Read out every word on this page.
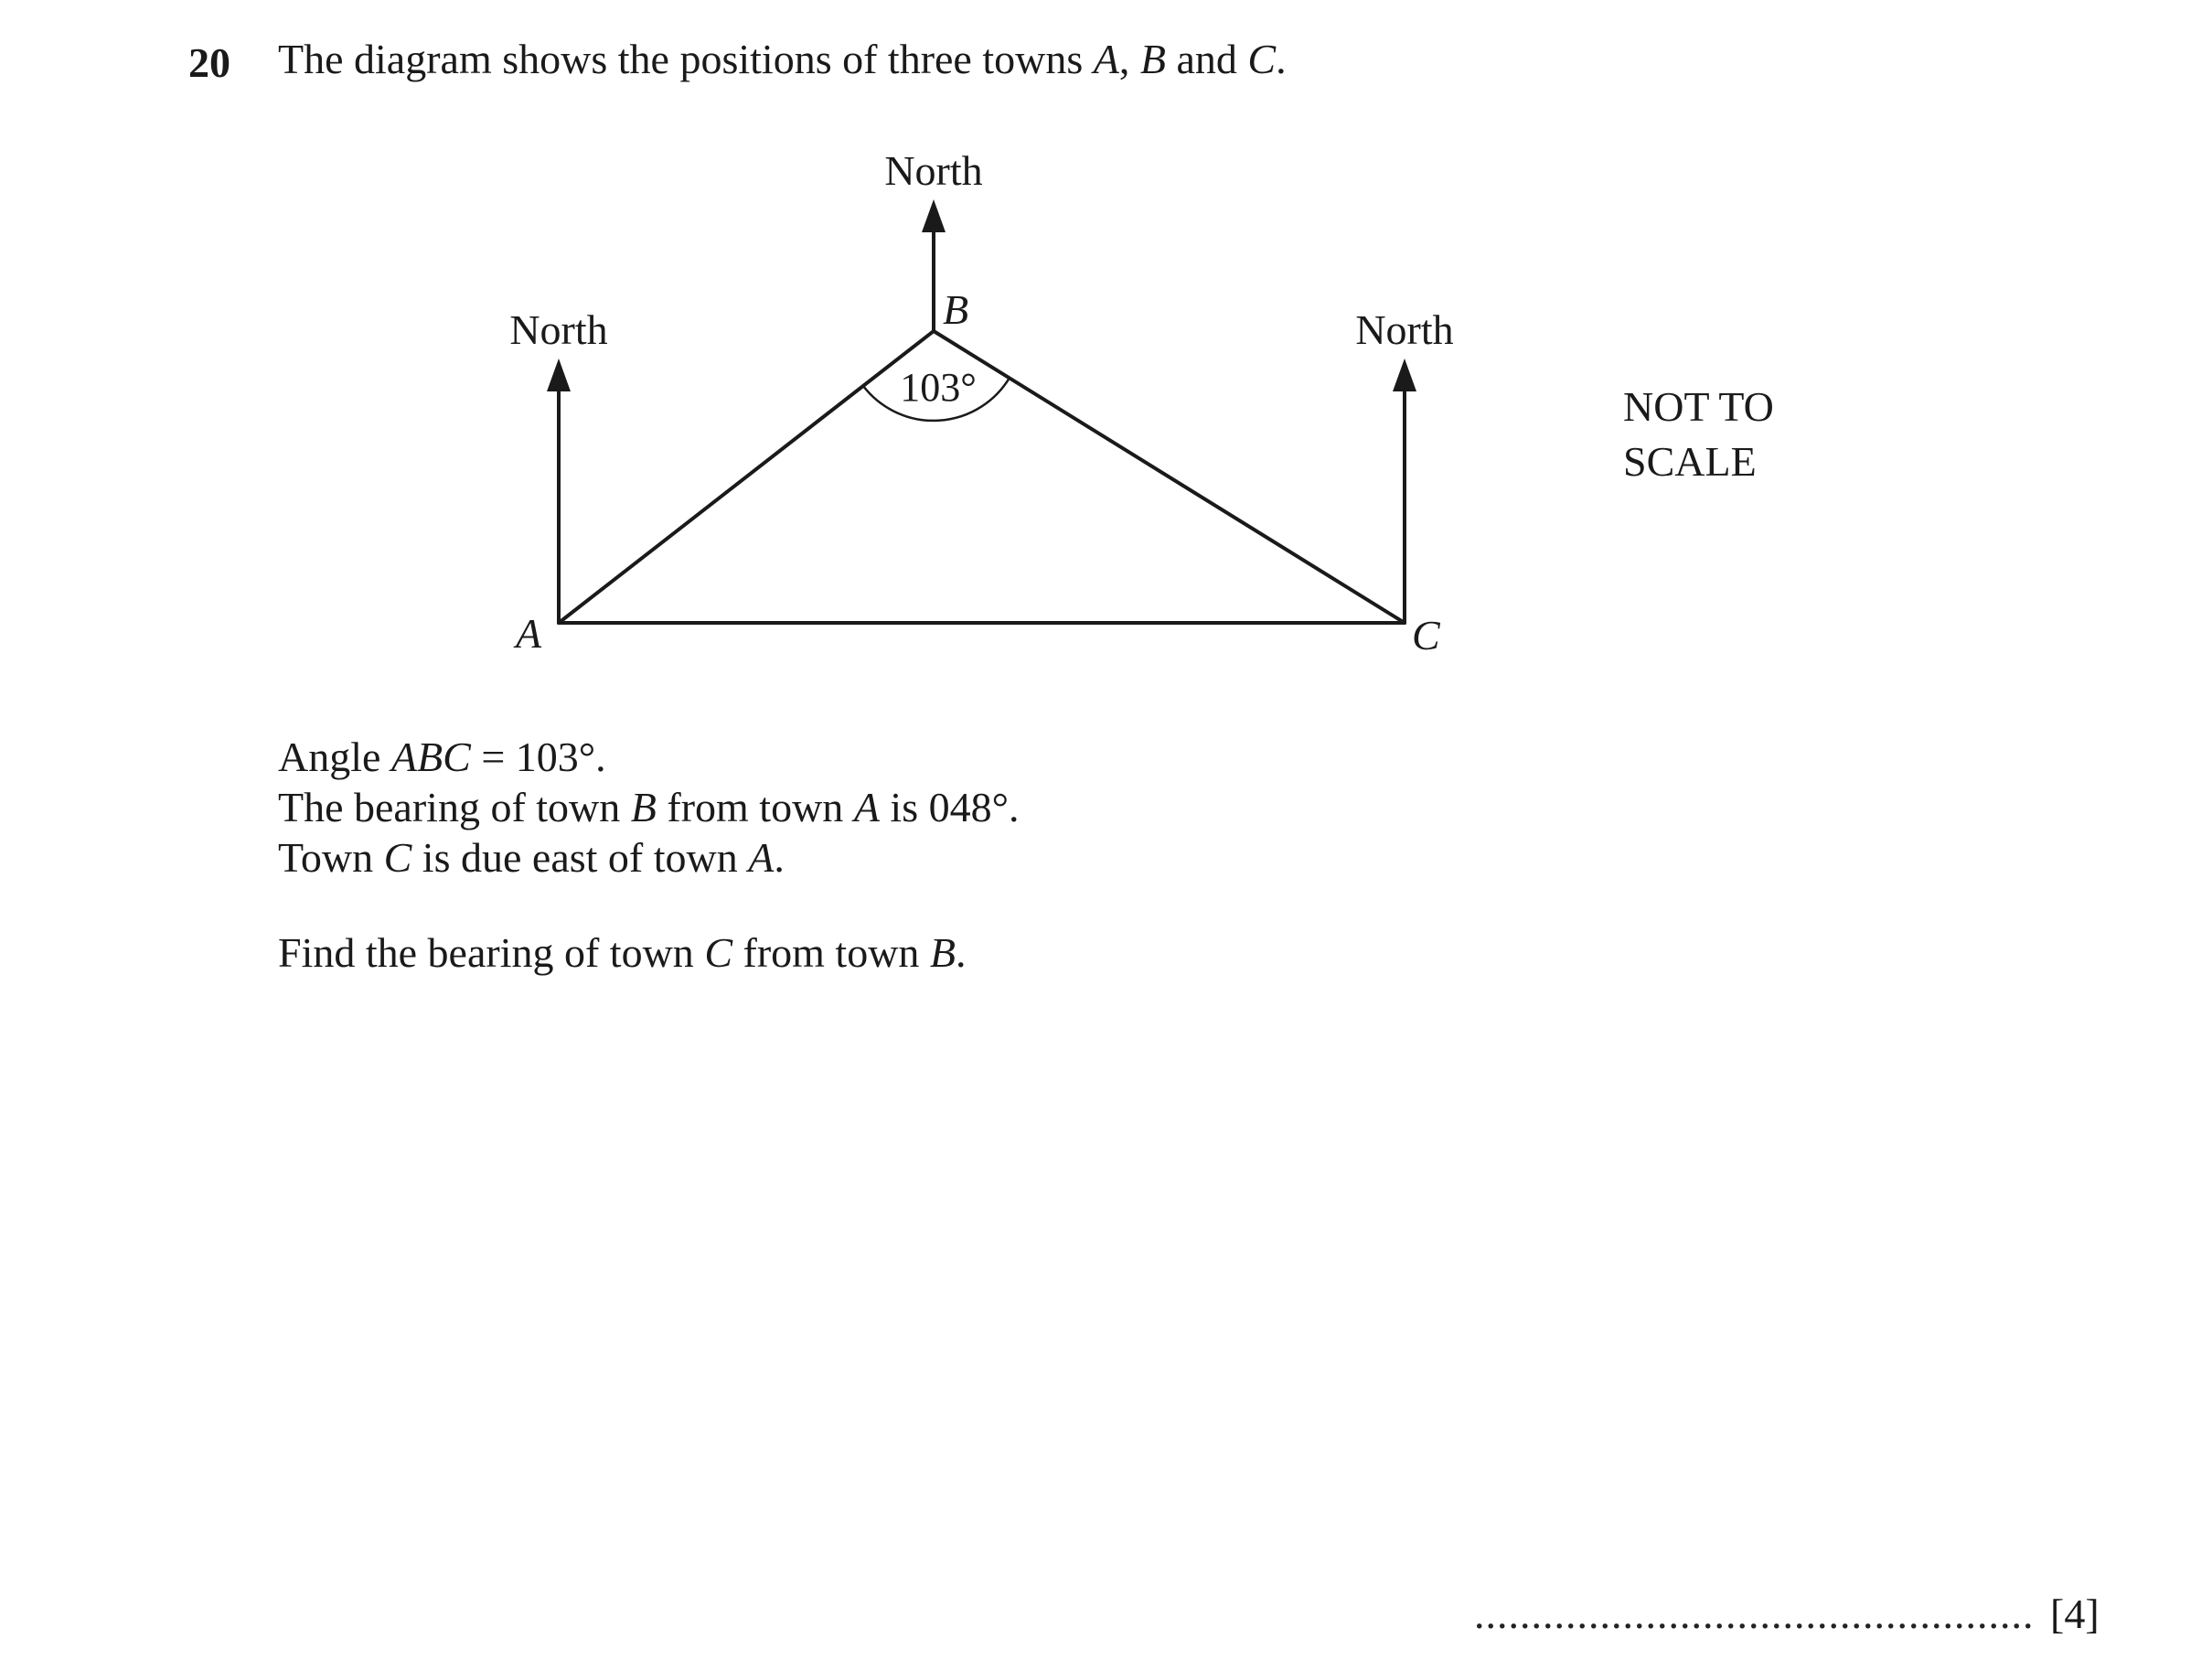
20 The diagram shows the positions of three towns A, B and C.
North
North
North
A
B
C
103°	NOT TO
SCALE
Angle ABC = 103°.
The bearing of town B from town A is 048°.
Town C is due east of town A.
Find the bearing of town C from town B.
................................................. [4]
